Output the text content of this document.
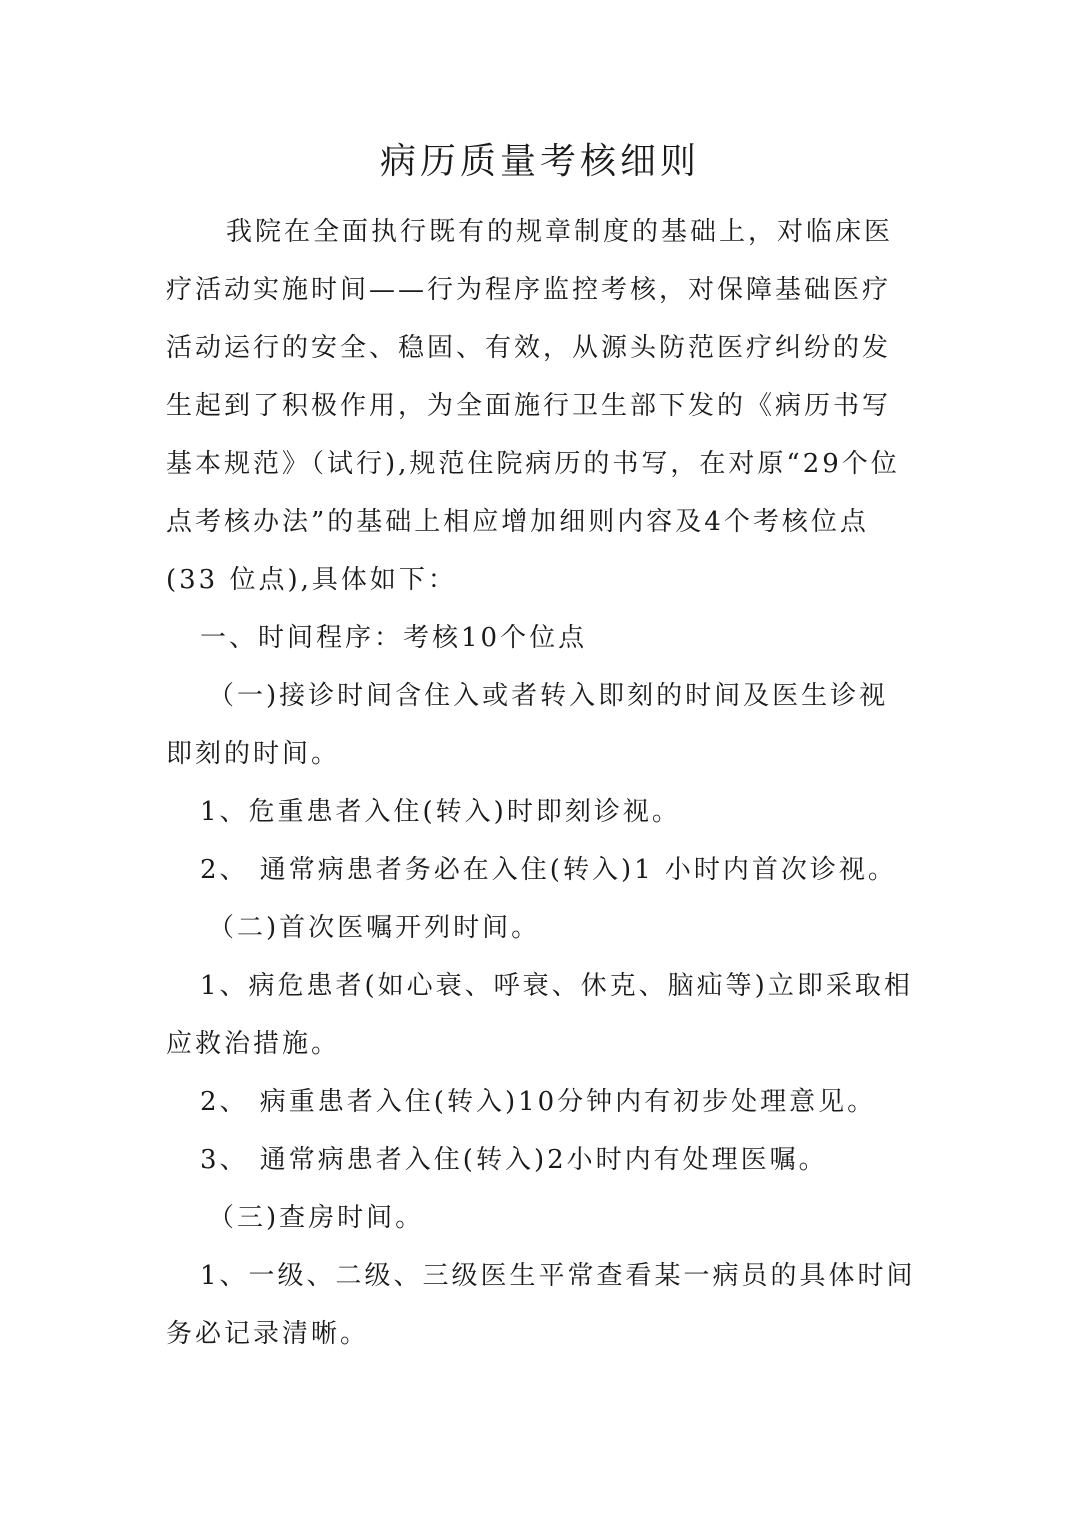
病历质量考核细则

我院在全面执行既有的规章制度的基础上，对临床医疗活动实施时间——行为程序监控考核，对保障基础医疗活动运行的安全、稳固、有效，从源头防范医疗纠纷的发生起到了积极作用，为全面施行卫生部下发的《病历书写基本规范》（试行),规范住院病历的书写，在对原“29个位点考核办法”的基础上相应增加细则内容及4个考核位点(33 位点),具体如下：

一、时间程序：考核10个位点

（一)接诊时间含住入或者转入即刻的时间及医生诊视即刻的时间。

1、危重患者入住(转入)时即刻诊视。

2、 通常病患者务必在入住(转入)1 小时内首次诊视。

（二)首次医嘱开列时间。

1、病危患者(如心衰、呼衰、休克、脑疝等)立即采取相应救治措施。

2、 病重患者入住(转入)10分钟内有初步处理意见。

3、 通常病患者入住(转入)2小时内有处理医嘱。

（三)查房时间。

1、一级、二级、三级医生平常查看某一病员的具体时间务必记录清晰。
